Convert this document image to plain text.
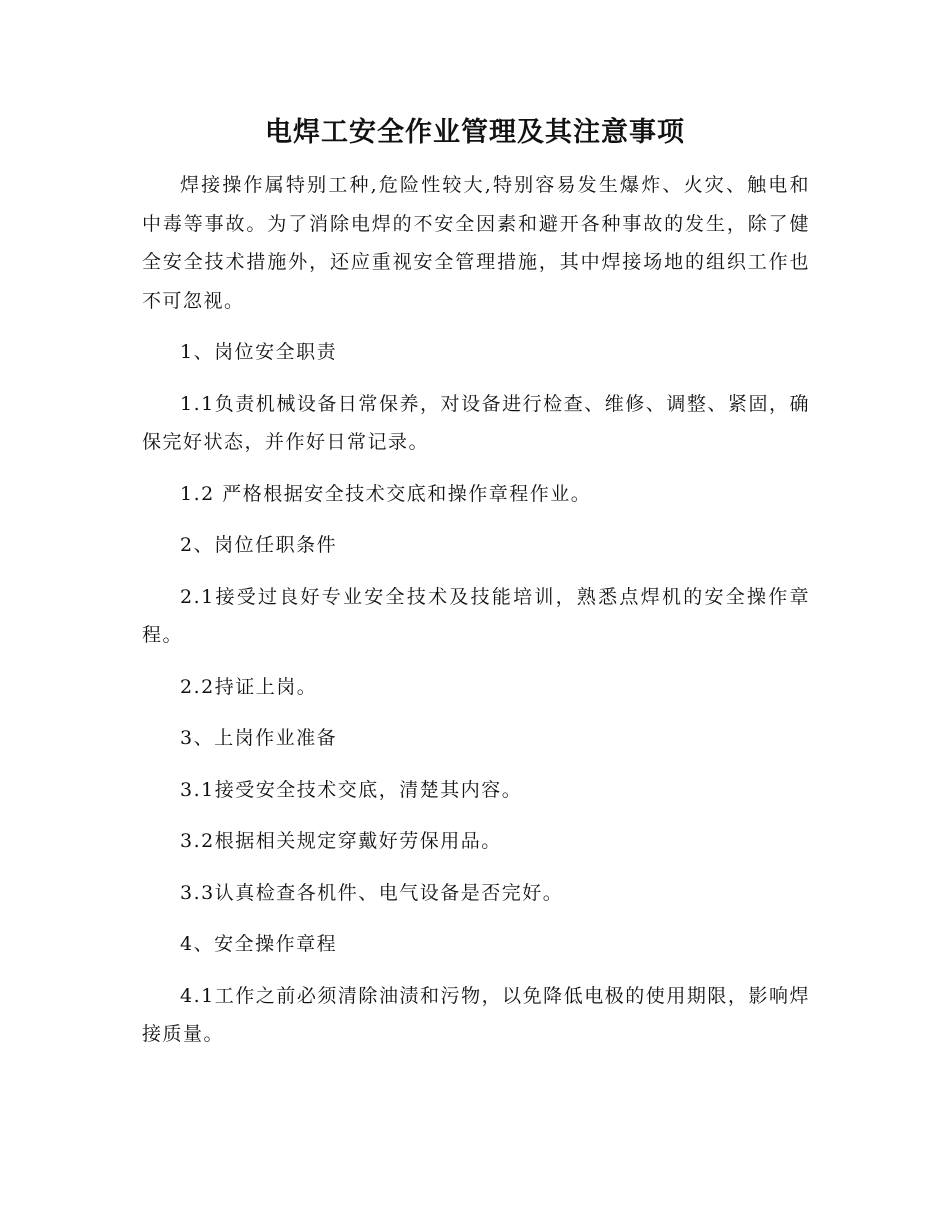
电焊工安全作业管理及其注意事项

焊接操作属特别工种,危险性较大,特别容易发生爆炸、火灾、触电和中毒等事故。为了消除电焊的不安全因素和避开各种事故的发生，除了健全安全技术措施外，还应重视安全管理措施，其中焊接场地的组织工作也不可忽视。

1、岗位安全职责

1.1负责机械设备日常保养，对设备进行检查、维修、调整、紧固，确保完好状态，并作好日常记录。

1.2 严格根据安全技术交底和操作章程作业。

2、岗位任职条件

2.1接受过良好专业安全技术及技能培训，熟悉点焊机的安全操作章程。

2.2持证上岗。

3、上岗作业准备

3.1接受安全技术交底，清楚其内容。

3.2根据相关规定穿戴好劳保用品。

3.3认真检查各机件、电气设备是否完好。

4、安全操作章程

4.1工作之前必须清除油渍和污物，以免降低电极的使用期限，影响焊接质量。
